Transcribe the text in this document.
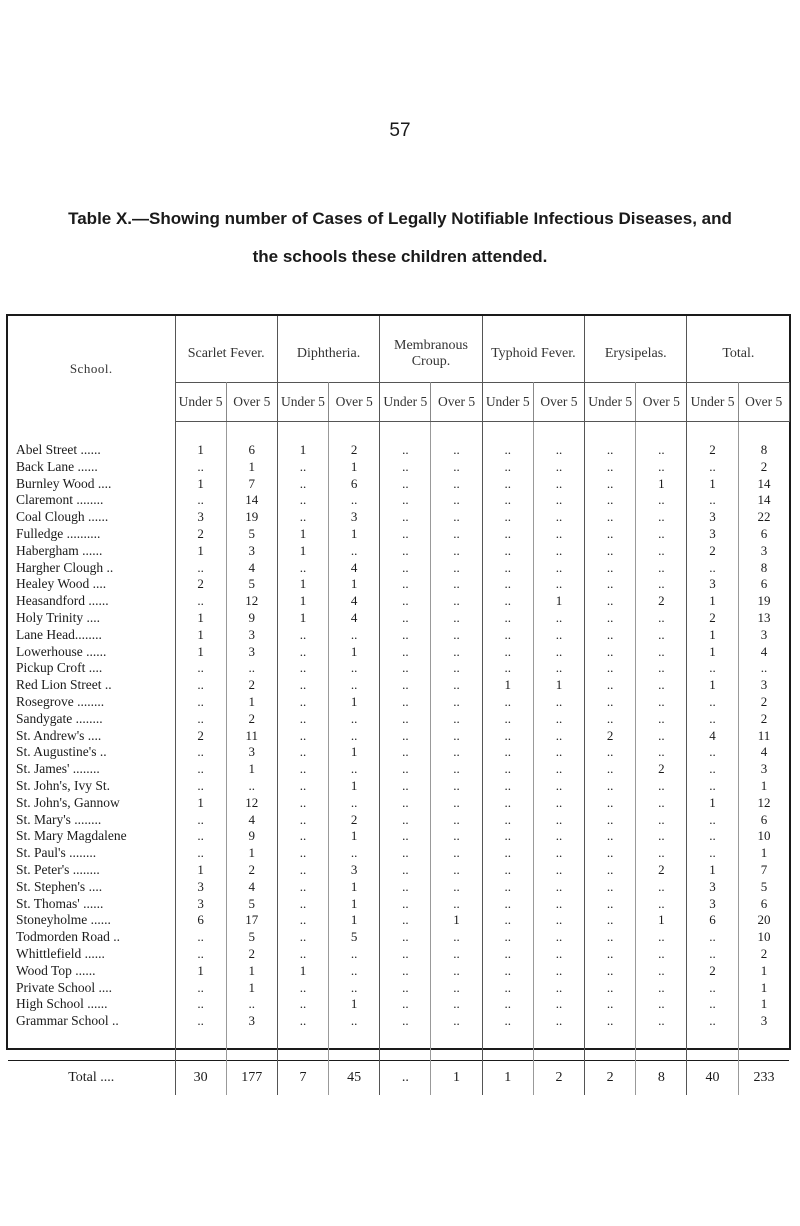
57
Table X.—Showing number of Cases of Legally Notifiable Infectious Diseases, and
the schools these children attended.
School.	Scarlet Fever.		Diphtheria.		Membranous Croup.		Typhoid Fever.		Erysipelas.		Total.	
	Under 5	Over 5	Under 5	Over 5	Under 5	Over 5	Under 5	Over 5	Under 5	Over 5	Under 5	Over 5

Abel Street ......	1	6	1	2	..	..	..	..	..	..	2	8
Back Lane ......	..	1	..	1	..	..	..	..	..	..	..	2
Burnley Wood ....	1	7	..	6	..	..	..	..	..	1	1	14
Claremont ........	..	14	..	..	..	..	..	..	..	..	..	14
Coal Clough ......	3	19	..	3	..	..	..	..	..	..	3	22
Fulledge ..........	2	5	1	1	..	..	..	..	..	..	3	6
Habergham ......	1	3	1	..	..	..	..	..	..	..	2	3
Hargher Clough ..	..	4	..	4	..	..	..	..	..	..	..	8
Healey Wood ....	2	5	1	1	..	..	..	..	..	..	3	6
Heasandford ......	..	12	1	4	..	..	..	1	..	2	1	19
Holy Trinity ....	1	9	1	4	..	..	..	..	..	..	2	13
Lane Head........	1	3	..	..	..	..	..	..	..	..	1	3
Lowerhouse ......	1	3	..	1	..	..	..	..	..	..	1	4
Pickup Croft ....	..	..	..	..	..	..	..	..	..	..	..	..
Red Lion Street ..	..	2	..	..	..	..	1	1	..	..	1	3
Rosegrove ........	..	1	..	1	..	..	..	..	..	..	..	2
Sandygate ........	..	2	..	..	..	..	..	..	..	..	..	2
St. Andrew's ....	2	11	..	..	..	..	..	..	2	..	4	11
St. Augustine's ..	..	3	..	1	..	..	..	..	..	..	..	4
St. James' ........	..	1	..	..	..	..	..	..	..	2	..	3
St. John's, Ivy St.	..	..	..	1	..	..	..	..	..	..	..	1
St. John's, Gannow	1	12	..	..	..	..	..	..	..	..	1	12
St. Mary's ........	..	4	..	2	..	..	..	..	..	..	..	6
St. Mary Magdalene	..	9	..	1	..	..	..	..	..	..	..	10
St. Paul's ........	..	1	..	..	..	..	..	..	..	..	..	1
St. Peter's ........	1	2	..	3	..	..	..	..	..	2	1	7
St. Stephen's ....	3	4	..	1	..	..	..	..	..	..	3	5
St. Thomas' ......	3	5	..	1	..	..	..	..	..	..	3	6
Stoneyholme ......	6	17	..	1	..	1	..	..	..	1	6	20
Todmorden Road ..	..	5	..	5	..	..	..	..	..	..	..	10
Whittlefield ......	..	2	..	..	..	..	..	..	..	..	..	2
Wood Top ......	1	1	1	..	..	..	..	..	..	..	2	1
Private School ....	..	1	..	..	..	..	..	..	..	..	..	1
High School ......	..	..	..	1	..	..	..	..	..	..	..	1
Grammar School ..	..	3	..	..	..	..	..	..	..	..	..	3

Total ....	30	177	7	45	..	1	1	2	2	8	40	233
